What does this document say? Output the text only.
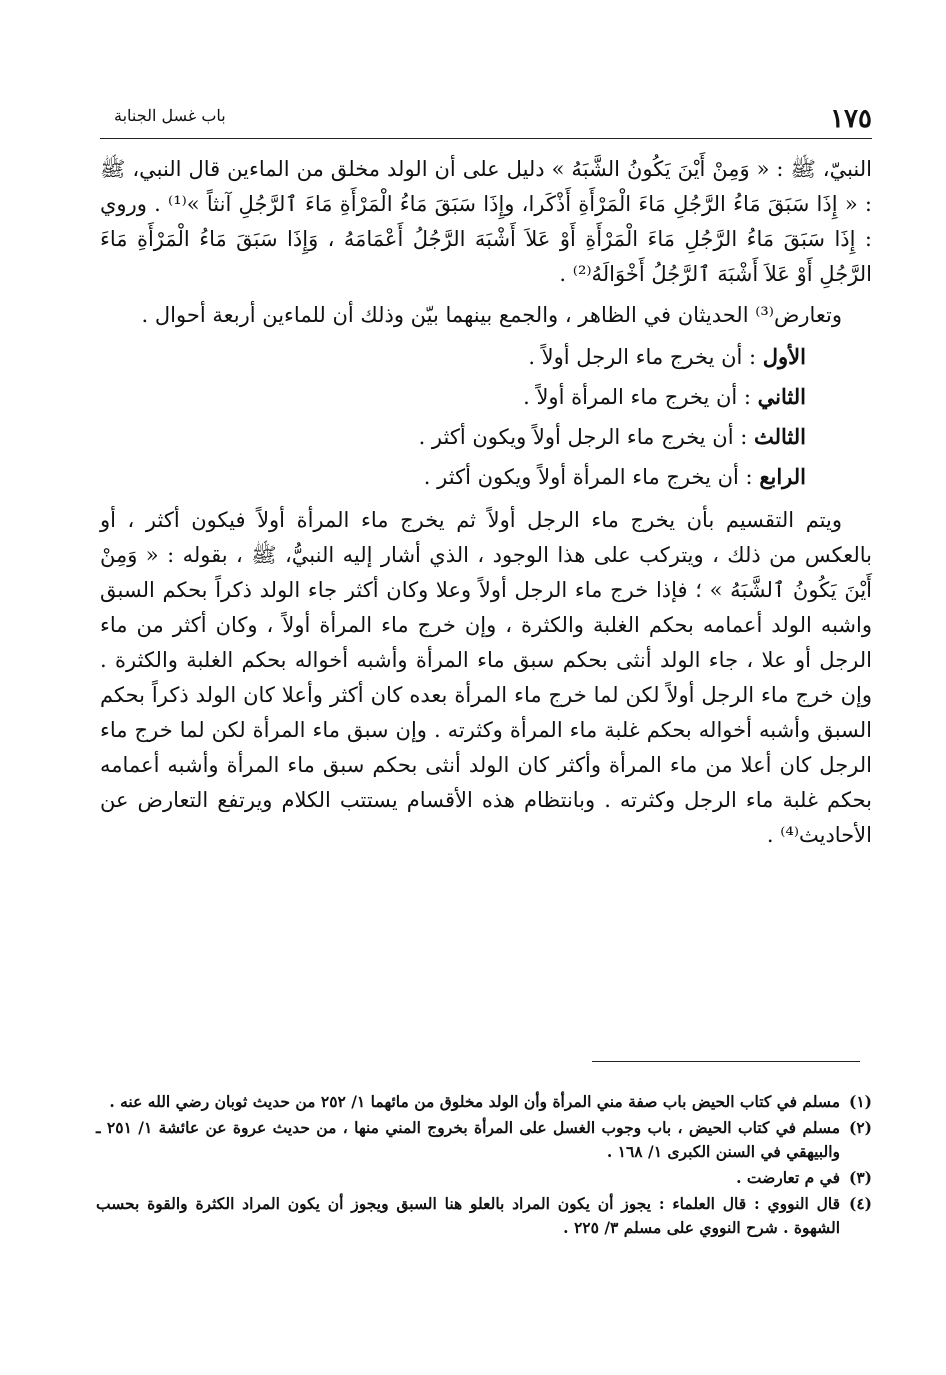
١٧٥
باب غسل الجنابة

النبيّ، ﷺ : « وَمِنْ أَيْنَ يَكُونُ الشَّبَهُ » دليل على أن الولد مخلق من الماءين قال النبي، ﷺ : « إِذَا سَبَقَ مَاءُ الرَّجُلِ مَاءَ الْمَرْأَةِ أَذْكَرا، وإِذَا سَبَقَ مَاءُ الْمَرْأَةِ مَاءَ ٱلرَّجُلِ آنثاً »⁽¹⁾ . وروي : إِذَا سَبَقَ مَاءُ الرَّجُلِ مَاءَ الْمَرْأَةِ أَوْ عَلاَ أَشْبَهَ الرَّجُلُ أَعْمَامَهُ ، وَإِذَا سَبَقَ مَاءُ الْمَرْأَةِ مَاءَ الرَّجُلِ أَوْ عَلاَ أَشْبَهَ ٱلرَّجُلُ أَخْوَالَهُ⁽²⁾ .

وتعارض⁽³⁾ الحديثان في الظاهر ، والجمع بينهما بيّن وذلك أن للماءين أربعة أحوال .

الأول : أن يخرج ماء الرجل أولاً .
الثاني : أن يخرج ماء المرأة أولاً .
الثالث : أن يخرج ماء الرجل أولاً ويكون أكثر .
الرابع : أن يخرج ماء المرأة أولاً ويكون أكثر .

ويتم التقسيم بأن يخرج ماء الرجل أولاً ثم يخرج ماء المرأة أولاً فيكون أكثر ، أو بالعكس من ذلك ، ويتركب على هذا الوجود ، الذي أشار إليه النبيُّ، ﷺ ، بقوله : « وَمِنْ أَيْنَ يَكُونُ ٱلشَّبَهُ » ؛ فإذا خرج ماء الرجل أولاً وعلا وكان أكثر جاء الولد ذكراً بحكم السبق واشبه الولد أعمامه بحكم الغلبة والكثرة ، وإن خرج ماء المرأة أولاً ، وكان أكثر من ماء الرجل أو علا ، جاء الولد أنثى بحكم سبق ماء المرأة وأشبه أخواله بحكم الغلبة والكثرة . وإن خرج ماء الرجل أولاً لكن لما خرج ماء المرأة بعده كان أكثر وأعلا كان الولد ذكراً بحكم السبق وأشبه أخواله بحكم غلبة ماء المرأة وكثرته . وإن سبق ماء المرأة لكن لما خرج ماء الرجل كان أعلا من ماء المرأة وأكثر كان الولد أنثى بحكم سبق ماء المرأة وأشبه أعمامه بحكم غلبة ماء الرجل وكثرته . وبانتظام هذه الأقسام يستتب الكلام ويرتفع التعارض عن الأحاديث⁽⁴⁾ .

(١)مسلم في كتاب الحيض باب صفة مني المرأة وأن الولد مخلوق من مائهما ١/ ٢٥٢ من حديث ثوبان رضي الله عنه .

(٢)مسلم في كتاب الحيض ، باب وجوب الغسل على المرأة بخروج المني منها ، من حديث عروة عن عائشة ١/ ٢٥١ ـ والبيهقي في السنن الكبرى ١/ ١٦٨ .

(٣)في م تعارضت .

(٤)قال النووي : قال العلماء : يجوز أن يكون المراد بالعلو هنا السبق ويجوز أن يكون المراد الكثرة والقوة بحسب الشهوة . شرح النووي على مسلم ٣/ ٢٢٥ .
